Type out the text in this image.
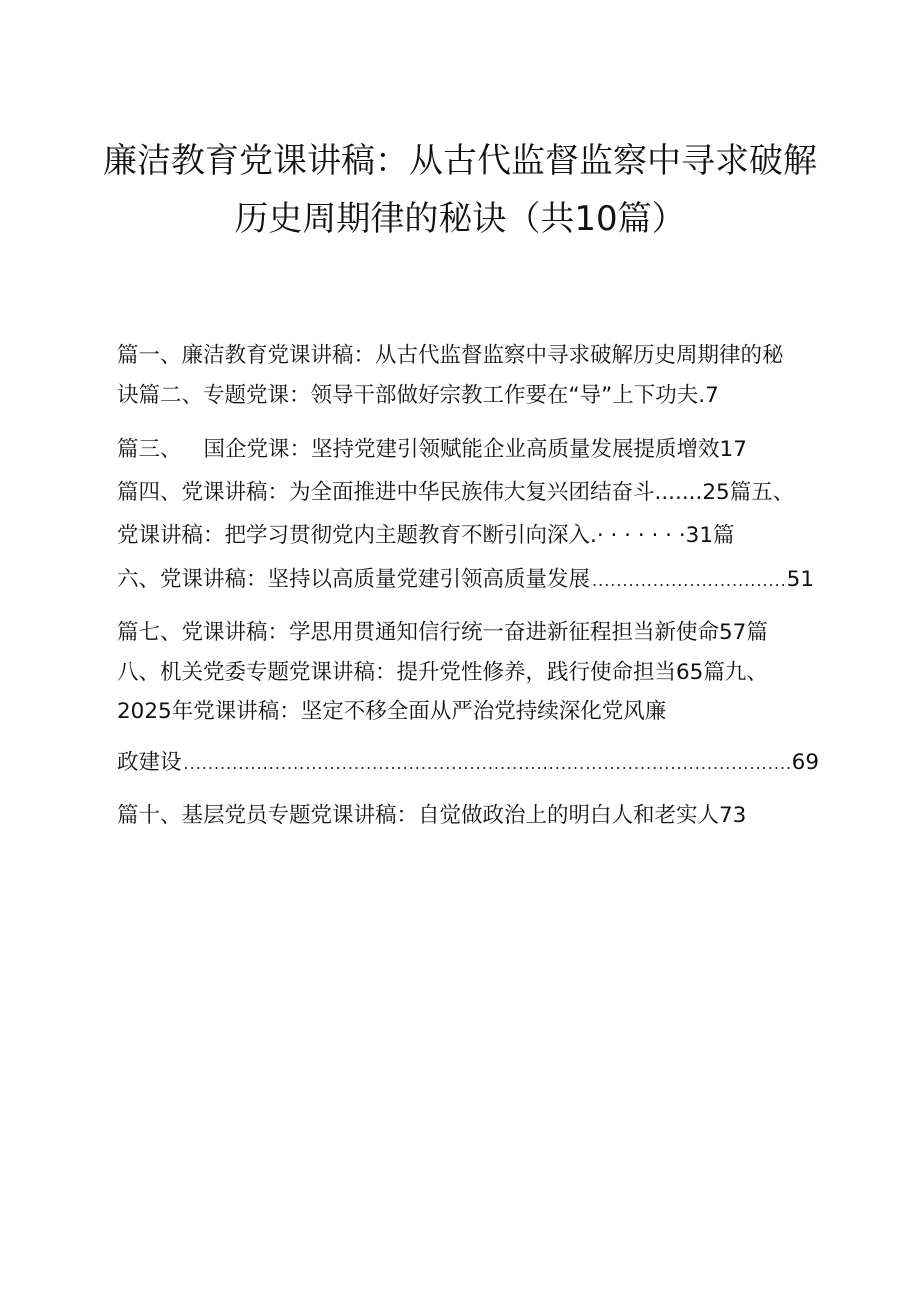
廉洁教育党课讲稿：从古代监督监察中寻求破解
历史周期律的秘诀（共10篇）
篇一、廉洁教育党课讲稿：从古代监督监察中寻求破解历史周期律的秘
诀篇二、专题党课：领导干部做好宗教工作要在“导”上下功夫.7
篇三、 国企党课：坚持党建引领赋能企业高质量发展提质增效17
篇四、党课讲稿：为全面推进中华民族伟大复兴团结奋斗.......25篇五、
党课讲稿：把学习贯彻党内主题教育不断引向深入.· · · · · · ·31篇
六、党课讲稿：坚持以高质量党建引领高质量发展 .....	51
篇七、党课讲稿：学思用贯通知信行统一奋进新征程担当新使命57篇
八、机关党委专题党课讲稿：提升党性修养，践行使命担当65篇九、
2025年党课讲稿：坚定不移全面从严治党持续深化党风廉
政建设 .....	69
篇十、基层党员专题党课讲稿：自觉做政治上的明白人和老实人73
